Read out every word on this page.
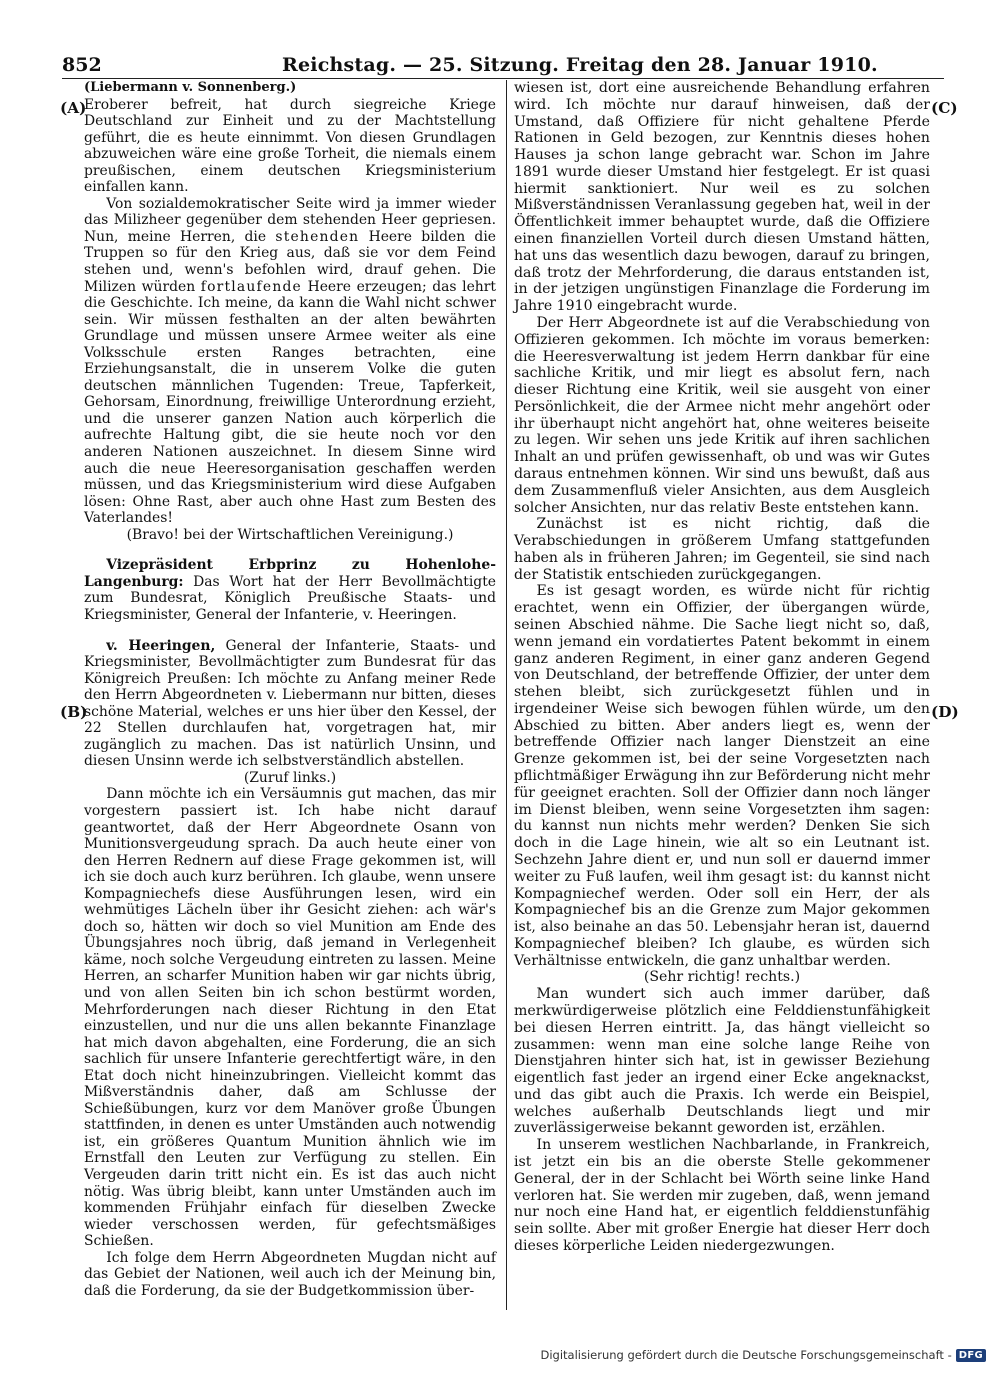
852	Reichstag. — 25. Sitzung. Freitag den 28. Januar 1910.
(A)
(B)
(C)
(D)

(Liebermann v. Sonnenberg.)

Eroberer befreit, hat durch siegreiche Kriege Deutschland zur Einheit und zu der Machtstellung geführt, die es heute einnimmt. Von diesen Grundlagen abzuweichen wäre eine große Torheit, die niemals einem preußischen, einem deutschen Kriegsministerium einfallen kann.

Von sozialdemokratischer Seite wird ja immer wieder das Milizheer gegenüber dem stehenden Heer gepriesen. Nun, meine Herren, die stehenden Heere bilden die Truppen so für den Krieg aus, daß sie vor dem Feind stehen und, wenn's befohlen wird, drauf gehen. Die Milizen würden fortlaufende Heere erzeugen; das lehrt die Geschichte. Ich meine, da kann die Wahl nicht schwer sein. Wir müssen festhalten an der alten bewährten Grundlage und müssen unsere Armee weiter als eine Volksschule ersten Ranges betrachten, eine Erziehungsanstalt, die in unserem Volke die guten deutschen männlichen Tugenden: Treue, Tapferkeit, Gehorsam, Einordnung, freiwillige Unterordnung erzieht, und die unserer ganzen Nation auch körperlich die aufrechte Haltung gibt, die sie heute noch vor den anderen Nationen auszeichnet. In diesem Sinne wird auch die neue Heeresorganisation geschaffen werden müssen, und das Kriegsministerium wird diese Aufgaben lösen: Ohne Rast, aber auch ohne Hast zum Besten des Vaterlandes!

(Bravo! bei der Wirtschaftlichen Vereinigung.)

Vizepräsident Erbprinz zu Hohenlohe-Langenburg: Das Wort hat der Herr Bevollmächtigte zum Bundesrat, Königlich Preußische Staats- und Kriegsminister, General der Infanterie, v. Heeringen.

v. Heeringen, General der Infanterie, Staats- und Kriegsminister, Bevollmächtigter zum Bundesrat für das Königreich Preußen: Ich möchte zu Anfang meiner Rede den Herrn Abgeordneten v. Liebermann nur bitten, dieses schöne Material, welches er uns hier über den Kessel, der 22 Stellen durchlaufen hat, vorgetragen hat, mir zugänglich zu machen. Das ist natürlich Unsinn, und diesen Unsinn werde ich selbstverständlich abstellen.

(Zuruf links.)

Dann möchte ich ein Versäumnis gut machen, das mir vorgestern passiert ist. Ich habe nicht darauf geantwortet, daß der Herr Abgeordnete Osann von Munitionsvergeudung sprach. Da auch heute einer von den Herren Rednern auf diese Frage gekommen ist, will ich sie doch auch kurz berühren. Ich glaube, wenn unsere Kompagniechefs diese Ausführungen lesen, wird ein wehmütiges Lächeln über ihr Gesicht ziehen: ach wär's doch so, hätten wir doch so viel Munition am Ende des Übungsjahres noch übrig, daß jemand in Verlegenheit käme, noch solche Vergeudung eintreten zu lassen. Meine Herren, an scharfer Munition haben wir gar nichts übrig, und von allen Seiten bin ich schon bestürmt worden, Mehrforderungen nach dieser Richtung in den Etat einzustellen, und nur die uns allen bekannte Finanzlage hat mich davon abgehalten, eine Forderung, die an sich sachlich für unsere Infanterie gerechtfertigt wäre, in den Etat doch nicht hineinzubringen. Vielleicht kommt das Mißverständnis daher, daß am Schlusse der Schießübungen, kurz vor dem Manöver große Übungen stattfinden, in denen es unter Umständen auch notwendig ist, ein größeres Quantum Munition ähnlich wie im Ernstfall den Leuten zur Verfügung zu stellen. Ein Vergeuden darin tritt nicht ein. Es ist das auch nicht nötig. Was übrig bleibt, kann unter Umständen auch im kommenden Frühjahr einfach für dieselben Zwecke wieder verschossen werden, für gefechtsmäßiges Schießen.

Ich folge dem Herrn Abgeordneten Mugdan nicht auf das Gebiet der Nationen, weil auch ich der Meinung bin, daß die Forderung, da sie der Budgetkommission über-

wiesen ist, dort eine ausreichende Behandlung erfahren wird. Ich möchte nur darauf hinweisen, daß der Umstand, daß Offiziere für nicht gehaltene Pferde Rationen in Geld bezogen, zur Kenntnis dieses hohen Hauses ja schon lange gebracht war. Schon im Jahre 1891 wurde dieser Umstand hier festgelegt. Er ist quasi hiermit sanktioniert. Nur weil es zu solchen Mißverständnissen Veranlassung gegeben hat, weil in der Öffentlichkeit immer behauptet wurde, daß die Offiziere einen finanziellen Vorteil durch diesen Umstand hätten, hat uns das wesentlich dazu bewogen, darauf zu bringen, daß trotz der Mehrforderung, die daraus entstanden ist, in der jetzigen ungünstigen Finanzlage die Forderung im Jahre 1910 eingebracht wurde.

Der Herr Abgeordnete ist auf die Verabschiedung von Offizieren gekommen. Ich möchte im voraus bemerken: die Heeresverwaltung ist jedem Herrn dankbar für eine sachliche Kritik, und mir liegt es absolut fern, nach dieser Richtung eine Kritik, weil sie ausgeht von einer Persönlichkeit, die der Armee nicht mehr angehört oder ihr überhaupt nicht angehört hat, ohne weiteres beiseite zu legen. Wir sehen uns jede Kritik auf ihren sachlichen Inhalt an und prüfen gewissenhaft, ob und was wir Gutes daraus entnehmen können. Wir sind uns bewußt, daß aus dem Zusammenfluß vieler Ansichten, aus dem Ausgleich solcher Ansichten, nur das relativ Beste entstehen kann.

Zunächst ist es nicht richtig, daß die Verabschiedungen in größerem Umfang stattgefunden haben als in früheren Jahren; im Gegenteil, sie sind nach der Statistik entschieden zurückgegangen.

Es ist gesagt worden, es würde nicht für richtig erachtet, wenn ein Offizier, der übergangen würde, seinen Abschied nähme. Die Sache liegt nicht so, daß, wenn jemand ein vordatiertes Patent bekommt in einem ganz anderen Regiment, in einer ganz anderen Gegend von Deutschland, der betreffende Offizier, der unter dem stehen bleibt, sich zurückgesetzt fühlen und in irgendeiner Weise sich bewogen fühlen würde, um den Abschied zu bitten. Aber anders liegt es, wenn der betreffende Offizier nach langer Dienstzeit an eine Grenze gekommen ist, bei der seine Vorgesetzten nach pflichtmäßiger Erwägung ihn zur Beförderung nicht mehr für geeignet erachten. Soll der Offizier dann noch länger im Dienst bleiben, wenn seine Vorgesetzten ihm sagen: du kannst nun nichts mehr werden? Denken Sie sich doch in die Lage hinein, wie alt so ein Leutnant ist. Sechzehn Jahre dient er, und nun soll er dauernd immer weiter zu Fuß laufen, weil ihm gesagt ist: du kannst nicht Kompagniechef werden. Oder soll ein Herr, der als Kompagniechef bis an die Grenze zum Major gekommen ist, also beinahe an das 50. Lebensjahr heran ist, dauernd Kompagniechef bleiben? Ich glaube, es würden sich Verhältnisse entwickeln, die ganz unhaltbar werden.

(Sehr richtig! rechts.)

Man wundert sich auch immer darüber, daß merkwürdigerweise plötzlich eine Felddienstunfähigkeit bei diesen Herren eintritt. Ja, das hängt vielleicht so zusammen: wenn man eine solche lange Reihe von Dienstjahren hinter sich hat, ist in gewisser Beziehung eigentlich fast jeder an irgend einer Ecke angeknackst, und das gibt auch die Praxis. Ich werde ein Beispiel, welches außerhalb Deutschlands liegt und mir zuverlässigerweise bekannt geworden ist, erzählen.

In unserem westlichen Nachbarlande, in Frankreich, ist jetzt ein bis an die oberste Stelle gekommener General, der in der Schlacht bei Wörth seine linke Hand verloren hat. Sie werden mir zugeben, daß, wenn jemand nur noch eine Hand hat, er eigentlich felddienstunfähig sein sollte. Aber mit großer Energie hat dieser Herr doch dieses körperliche Leiden niedergezwungen.

Digitalisierung gefördert durch die Deutsche Forschungsgemeinschaft - DFG
